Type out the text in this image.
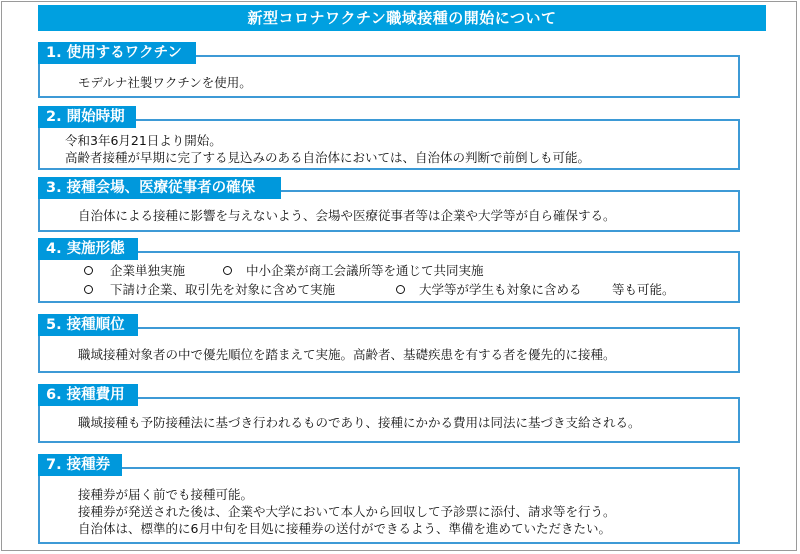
新型コロナワクチン職域接種の開始について
1. 使用するワクチン
モデルナ社製ワクチンを使用。
2. 開始時期
令和3年6月21日より開始。
高齢者接種が早期に完了する見込みのある自治体においては、自治体の判断で前倒しも可能。
3. 接種会場、医療従事者の確保
自治体による接種に影響を与えないよう、会場や医療従事者等は企業や大学等が自ら確保する。
4. 実施形態
企業単独実施	中小企業が商工会議所等を通じて共同実施
下請け企業、取引先を対象に含めて実施	大学等が学生も対象に含める 等も可能。
5. 接種順位
職域接種対象者の中で優先順位を踏まえて実施。高齢者、基礎疾患を有する者を優先的に接種。
6. 接種費用
職域接種も予防接種法に基づき行われるものであり、接種にかかる費用は同法に基づき支給される。
7. 接種券
接種券が届く前でも接種可能。
接種券が発送された後は、企業や大学において本人から回収して予診票に添付、請求等を行う。
自治体は、標準的に6月中旬を目処に接種券の送付ができるよう、準備を進めていただきたい。
